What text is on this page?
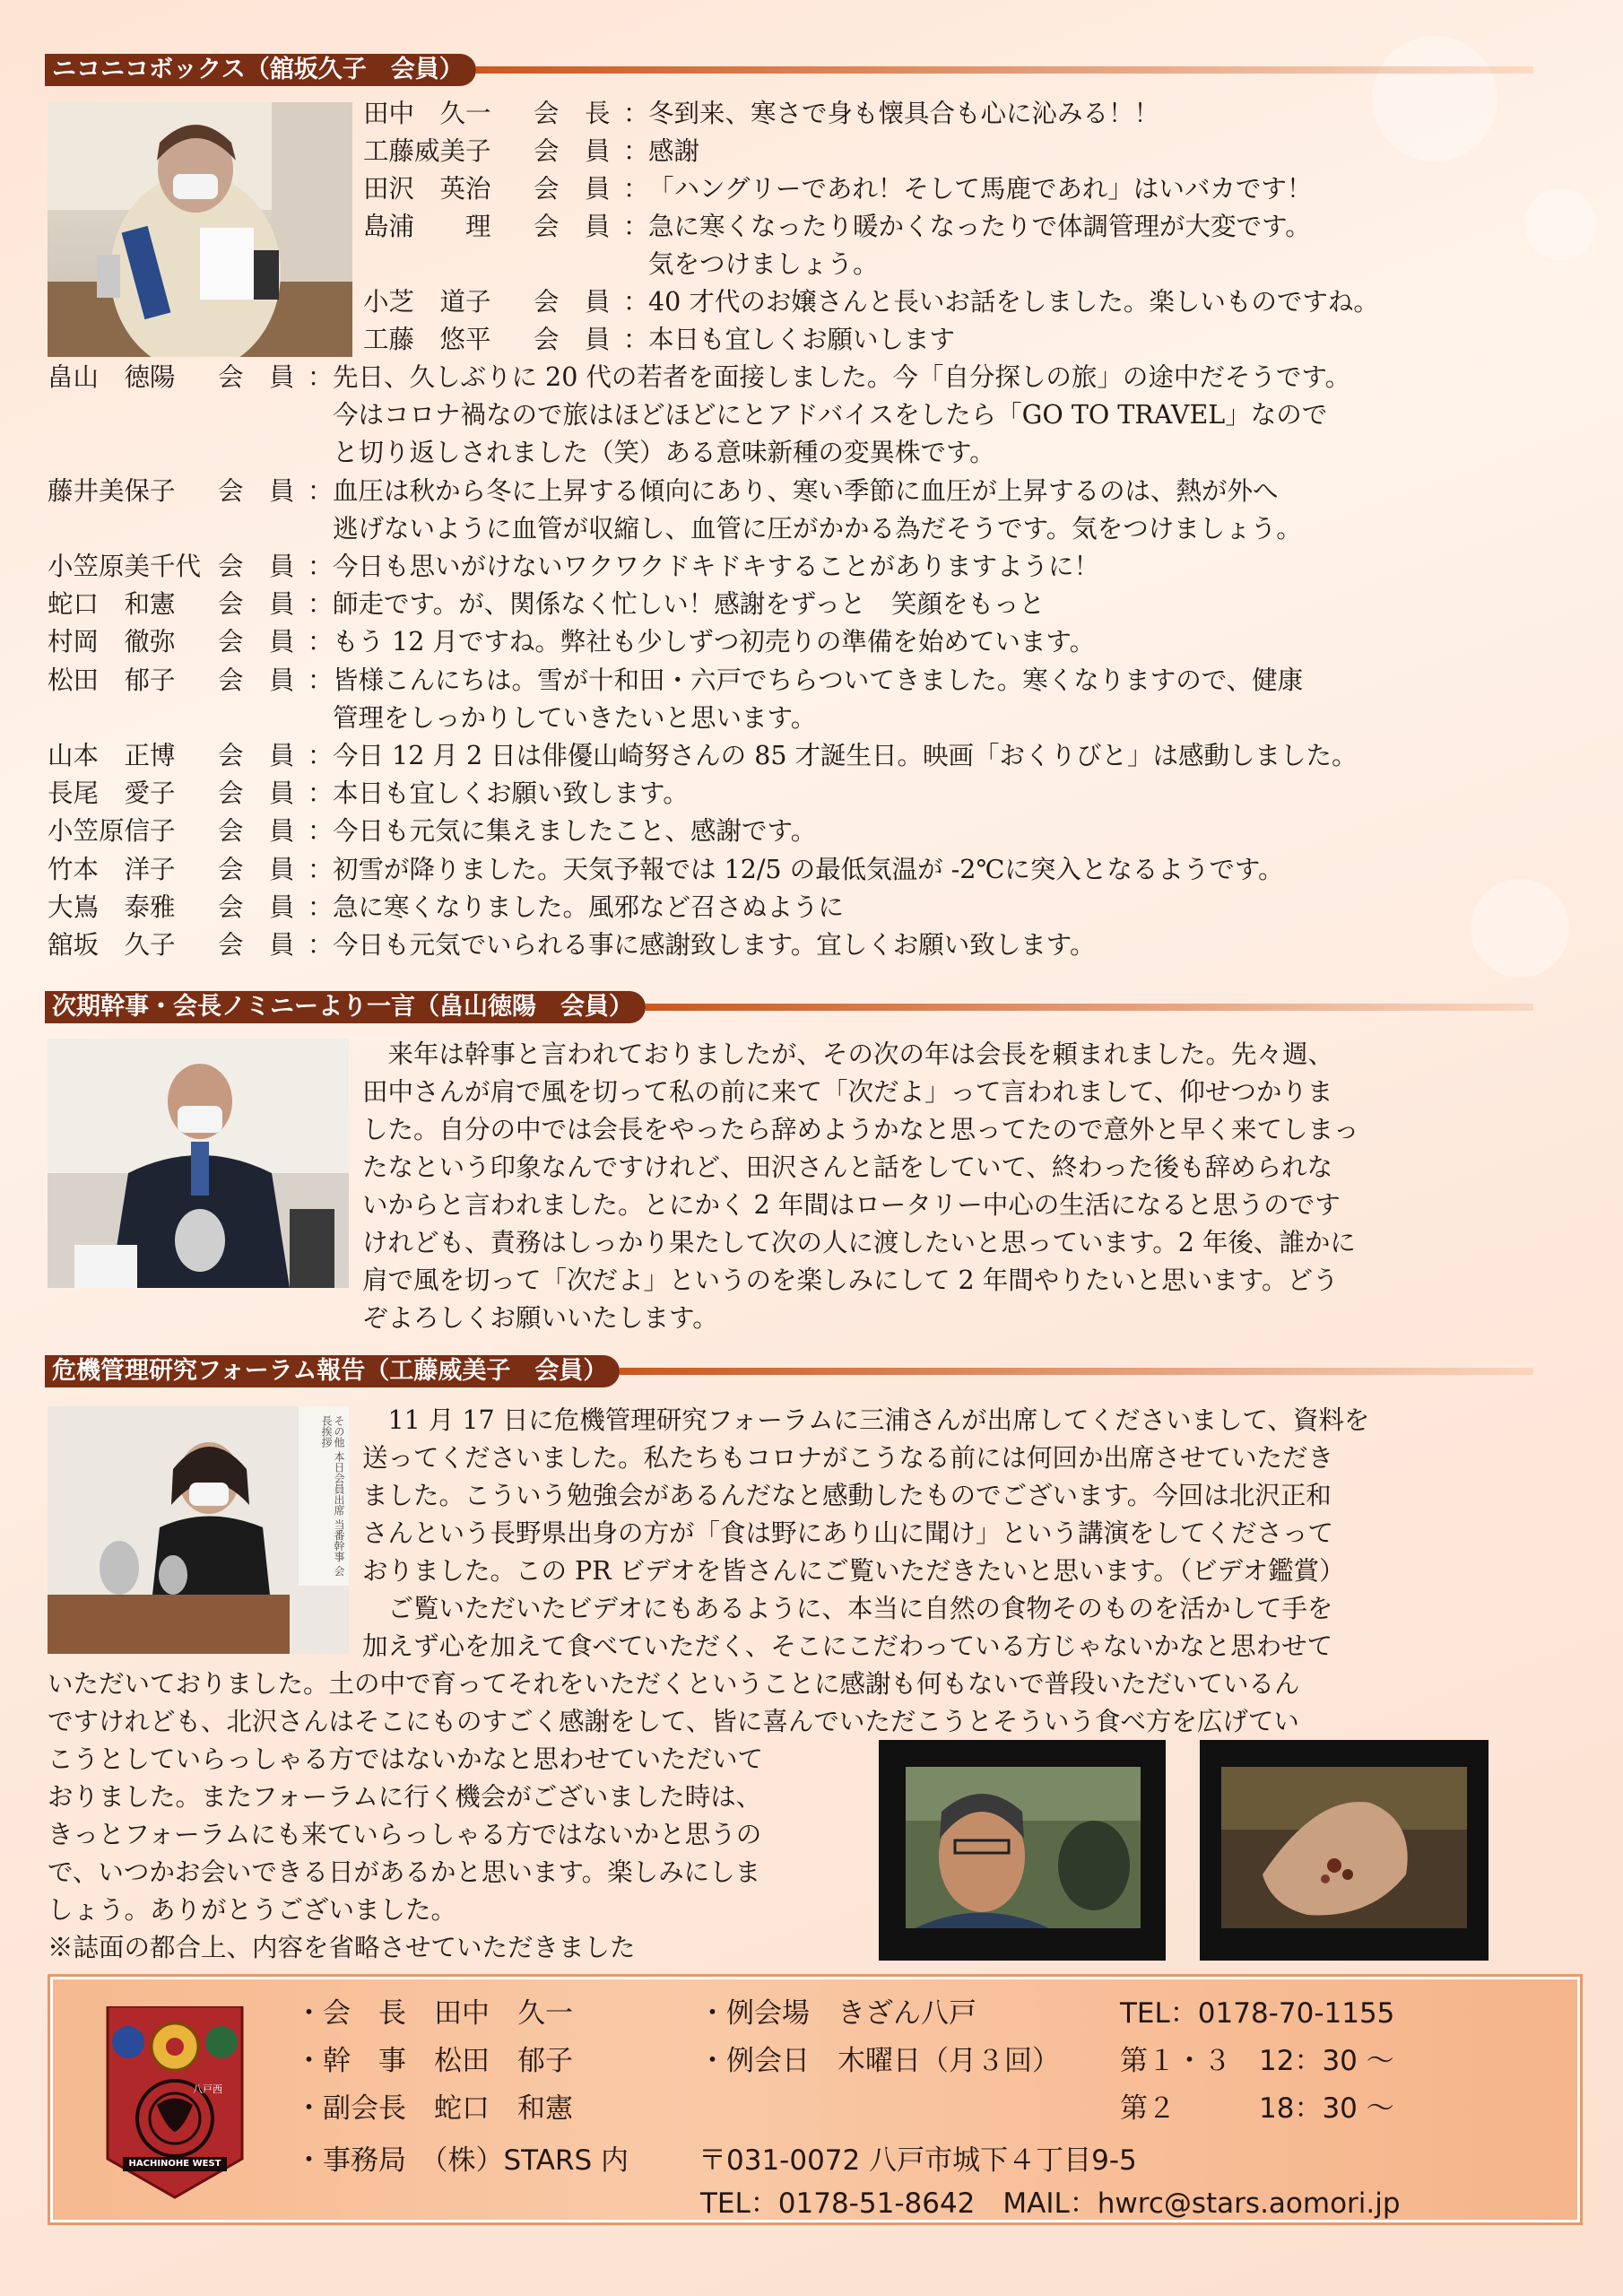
ニコニコボックス（舘坂久子　会員）
田中　久一 会　長 ：冬到来、寒さで身も懐具合も心に沁みる！！
工藤威美子 会　員 ：感謝
田沢　英治 会　員 ：「ハングリーであれ！そして馬鹿であれ」はいバカです！
島浦　　理 会　員 ：急に寒くなったり暖かくなったりで体調管理が大変です。
気をつけましょう。
小芝　道子 会　員 ：40 才代のお嬢さんと長いお話をしました。楽しいものですね。
工藤　悠平 会　員 ：本日も宜しくお願いします
畠山　徳陽 会　員 ：先日、久しぶりに 20 代の若者を面接しました。今「自分探しの旅」の途中だそうです。
今はコロナ禍なので旅はほどほどにとアドバイスをしたら「GO TO TRAVEL」なので
と切り返しされました（笑）ある意味新種の変異株です。
藤井美保子 会　員 ：血圧は秋から冬に上昇する傾向にあり、寒い季節に血圧が上昇するのは、熱が外へ
逃げないように血管が収縮し、血管に圧がかかる為だそうです。気をつけましょう。
小笠原美千代 会　員 ：今日も思いがけないワクワクドキドキすることがありますように！
蛇口　和憲 会　員 ：師走です。が、関係なく忙しい！感謝をずっと　笑顔をもっと
村岡　徹弥 会　員 ：もう 12 月ですね。弊社も少しずつ初売りの準備を始めています。
松田　郁子 会　員 ：皆様こんにちは。雪が十和田・六戸でちらついてきました。寒くなりますので、健康
管理をしっかりしていきたいと思います。
山本　正博 会　員 ：今日 12 月 2 日は俳優山崎努さんの 85 才誕生日。映画「おくりびと」は感動しました。
長尾　愛子 会　員 ：本日も宜しくお願い致します。
小笠原信子 会　員 ：今日も元気に集えましたこと、感謝です。
竹本　洋子 会　員 ：初雪が降りました。天気予報では 12/5 の最低気温が -2℃に突入となるようです。
大嶌　泰雅 会　員 ：急に寒くなりました。風邪など召さぬように
舘坂　久子 会　員 ：今日も元気でいられる事に感謝致します。宜しくお願い致します。
次期幹事・会長ノミニーより一言（畠山徳陽　会員）

　来年は幹事と言われておりましたが、その次の年は会長を頼まれました。先々週、

田中さんが肩で風を切って私の前に来て「次だよ」って言われまして、仰せつかりま

した。自分の中では会長をやったら辞めようかなと思ってたので意外と早く来てしまっ

たなという印象なんですけれど、田沢さんと話をしていて、終わった後も辞められな

いからと言われました。とにかく 2 年間はロータリー中心の生活になると思うのです

けれども、責務はしっかり果たして次の人に渡したいと思っています。2 年後、誰かに

肩で風を切って「次だよ」というのを楽しみにして 2 年間やりたいと思います。どう

ぞよろしくお願いいたします。

危機管理研究フォーラム報告（工藤威美子　会員）
その他 本日会員出席 当番幹事 会長挨拶	　11 月 17 日に危機管理研究フォーラムに三浦さんが出席してくださいまして、資料を

送ってくださいました。私たちもコロナがこうなる前には何回か出席させていただき

ました。こういう勉強会があるんだなと感動したものでございます。今回は北沢正和

さんという長野県出身の方が「食は野にあり山に聞け」という講演をしてくださって

おりました。この PR ビデオを皆さんにご覧いただきたいと思います。（ビデオ鑑賞）

　ご覧いただいたビデオにもあるように、本当に自然の食物そのものを活かして手を

加えず心を加えて食べていただく、そこにこだわっている方じゃないかなと思わせて

いただいておりました。土の中で育ってそれをいただくということに感謝も何もないで普段いただいているん

ですけれども、北沢さんはそこにものすごく感謝をして、皆に喜んでいただこうとそういう食べ方を広げてい

こうとしていらっしゃる方ではないかなと思わせていただいて

おりました。またフォーラムに行く機会がございました時は、

きっとフォーラムにも来ていらっしゃる方ではないかと思うの

で、いつかお会いできる日があるかと思います。楽しみにしま

しょう。ありがとうございました。

※誌面の都合上、内容を省略させていただきました

八戸西
HACHINOHE WEST
・会　長　田中　久一
・幹　事　松田　郁子
・副会長　蛇口　和憲
・事務局　（株）STARS 内
・例会場　きざん八戸
・例会日　木曜日（月３回）
TEL：0178-70-1155
第１・３　12：30 〜
第２　　　18：30 〜
〒031-0072 八戸市城下４丁目9-5
TEL：0178-51-8642　MAIL：hwrc@stars.aomori.jp
